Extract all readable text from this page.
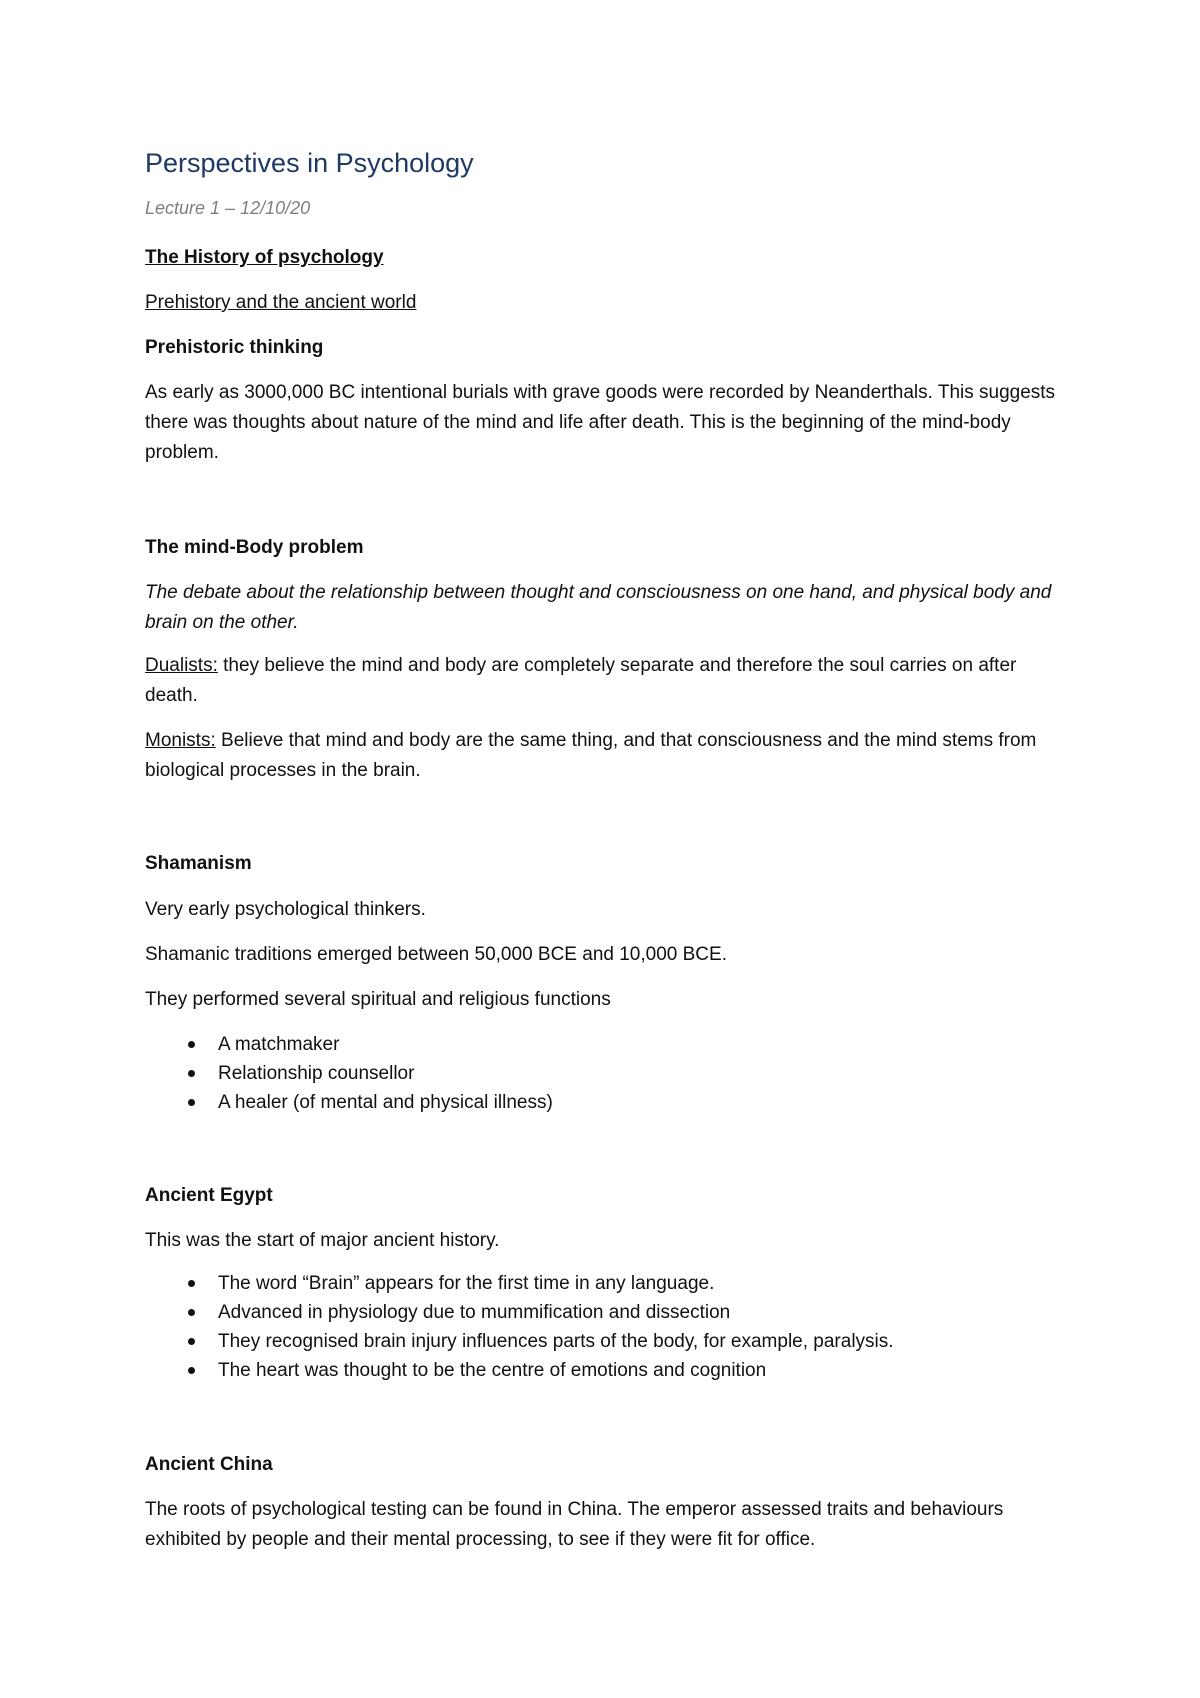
Perspectives in Psychology
Lecture 1 – 12/10/20
The History of psychology
Prehistory and the ancient world
Prehistoric thinking
As early as 3000,000 BC intentional burials with grave goods were recorded by Neanderthals. This suggests there was thoughts about nature of the mind and life after death. This is the beginning of the mind-body problem.
The mind-Body problem
The debate about the relationship between thought and consciousness on one hand, and physical body and brain on the other.
Dualists: they believe the mind and body are completely separate and therefore the soul carries on after death.
Monists: Believe that mind and body are the same thing, and that consciousness and the mind stems from biological processes in the brain.
Shamanism
Very early psychological thinkers.
Shamanic traditions emerged between 50,000 BCE and 10,000 BCE.
They performed several spiritual and religious functions
A matchmaker
Relationship counsellor
A healer (of mental and physical illness)
Ancient Egypt
This was the start of major ancient history.
The word “Brain” appears for the first time in any language.
Advanced in physiology due to mummification and dissection
They recognised brain injury influences parts of the body, for example, paralysis.
The heart was thought to be the centre of emotions and cognition
Ancient China
The roots of psychological testing can be found in China. The emperor assessed traits and behaviours exhibited by people and their mental processing, to see if they were fit for office.
